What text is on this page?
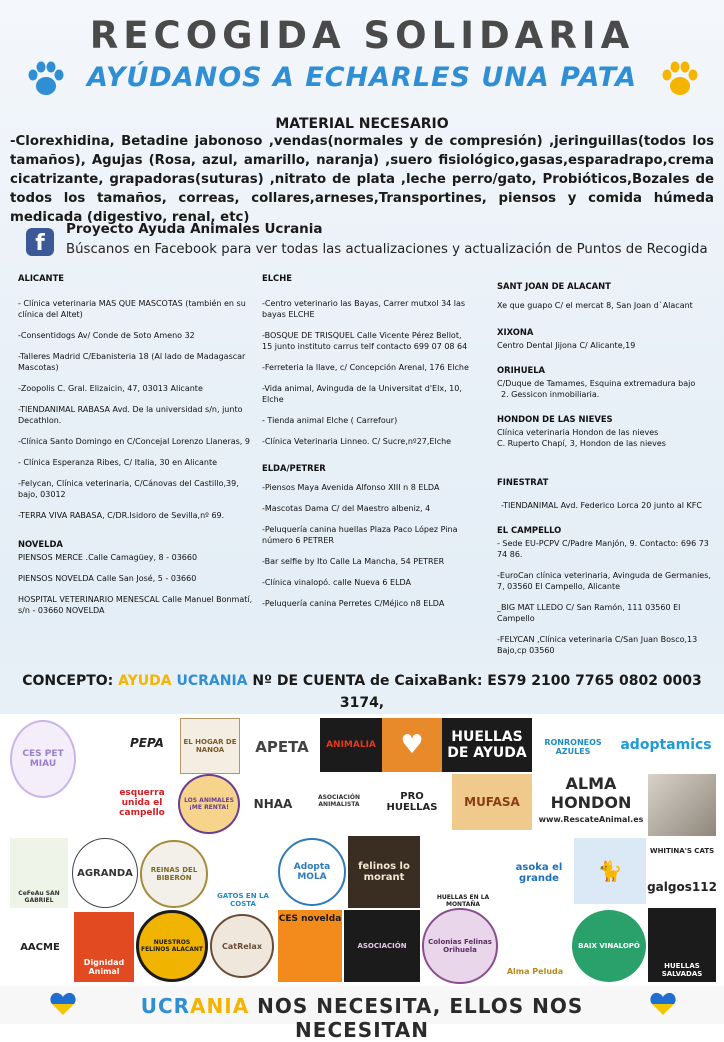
RECOGIDA SOLIDARIA
AYÚDANOS A ECHARLES UNA PATA
MATERIAL NECESARIO
-Clorexhidina, Betadine jabonoso ,vendas(normales y de compresión) ,jeringuillas(todos los tamaños), Agujas (Rosa, azul, amarillo, naranja) ,suero fisiológico,gasas,esparadrapo,crema cicatrizante, grapadoras(suturas) ,nitrato de plata ,leche perro/gato, Probióticos,Bozales de todos los tamaños, correas, collares,arneses,Transportines, piensos y comida húmeda medicada (digestivo, renal, etc)
f
Proyecto Ayuda Animales Ucrania
Búscanos en Facebook para ver todas las actualizaciones y actualización de Puntos de Recogida
ALICANTE
- Clínica veterinaria MAS QUE MASCOTAS (también en su clínica del Altet)
-Consentidogs Av/ Conde de Soto Ameno 32
-Talleres Madrid C/Ebanisteria 18 (Al lado de Madagascar Mascotas)
-Zoopolis C. Gral. Elizaicin, 47, 03013 Alicante
-TIENDANIMAL RABASA Avd. De la universidad s/n, junto Decathlon.
-Clínica Santo Domingo en C/Concejal Lorenzo Llaneras, 9
- Clínica Esperanza Ribes, C/ Italia, 30 en Alicante
-Felycan, Clínica veterinaria, C/Cánovas del Castillo,39, bajo, 03012
-TERRA VIVA RABASA, C/DR.Isidoro de Sevilla,nº 69.
NOVELDA
PIENSOS MERCE .Calle Camagüey, 8 - 03660
PIENSOS NOVELDA Calle San José, 5 - 03660
HOSPITAL VETERINARIO MENESCAL Calle Manuel Bonmatí, s/n - 03660 NOVELDA
ELCHE
-Centro veterinario las Bayas, Carrer mutxol 34 las bayas ELCHE
-BOSQUE DE TRISQUEL Calle Vicente Pérez Bellot, 15 junto instituto carrus telf contacto 699 07 08 64
-Ferreteria la llave, c/ Concepción Arenal, 176 Elche
-Vida animal, Avinguda de la Universitat d'Elx, 10, Elche
- Tienda animal Elche ( Carrefour)
-Clínica Veterinaria Linneo. C/ Sucre,nº27,Elche
ELDA/PETRER
-Piensos Maya Avenida Alfonso XIII n 8 ELDA
-Mascotas Dama C/ del Maestro albeniz, 4
-Peluquería canina huellas Plaza Paco López Pina número 6 PETRER
-Bar selfie by Ito Calle La Mancha, 54 PETRER
-Clínica vinalopó. calle Nueva 6 ELDA
-Peluquería canina Perretes C/Méjico n8 ELDA
SANT JOAN DE ALACANT
Xe que guapo C/ el mercat 8, San Joan d`Alacant
XIXONA
Centro Dental Jijona C/ Alicante,19
ORIHUELA
C/Duque de Tamames, Esquina extremadura bajo
2. Gessicon inmobiliaria.
HONDON DE LAS NIEVES
Clínica veterinaria Hondon de las nieves
C. Ruperto Chapí, 3, Hondon de las nieves
FINESTRAT
-TIENDANIMAL Avd. Federico Lorca 20 junto al KFC
EL CAMPELLO
- Sede EU-PCPV C/Padre Manjón, 9. Contacto: 696 73 74 86.
-EuroCan clínica veterinaria, Avinguda de Germanies, 7, 03560 El Campello, Alicante
_BIG MAT LLEDO C/ San Ramón, 111 03560 El Campello
-FELYCAN ,Clínica veterinaria C/San Juan Bosco,13 Bajo,cp 03560
CONCEPTO: AYUDA UCRANIA Nº DE CUENTA de CaixaBank: ES79 2100 7765 0802 0003 3174,

CES PET MIAU
PEPA	EL HOGAR DE NANOA	APETA	ANIMALIA ♥	HUELLAS DE AYUDA
RONRONEOS AZULES	adoptamics
esquerra unida el campello
LOS ANIMALES ¡ME RENTA!	NHAA	ASOCIACIÓN ANIMALISTA
PRO HUELLAS	MUFASA
ALMA HONDON
www.RescateAnimal.es
CeFeAu SAN GABRIEL
AGRANDA	REINAS DEL BIBERÓN
GATOS EN LA COSTA
Adopta MOLA
felinos lo morant
HUELLAS EN LA MONTAÑA
asoka el grande	🐈
WHITINA'S CATS
galgos112
AACME
Dignidad Animal
NUESTROS FELINOS ALACANT	CatRelax
CES novelda
ASOCIACIÓN	Colonias Felinas Orihuela
Alma Peluda
BAIX VINALOPÓ
HUELLAS SALVADAS
UCRANIA NOS NECESITA, ELLOS NOS NECESITAN
